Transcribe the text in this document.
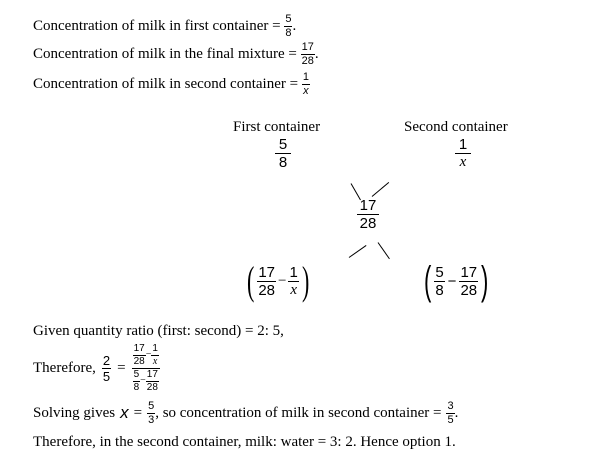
Concentration of milk in first container = $\frac{5}{8}$ .
Concentration of milk in the final mixture = $\frac{17}{28}$ .
Concentration of milk in second container = $\frac{1}{x}$
First container	Second container
5
8
1
x
17
28
( $\frac{17}{28} - \frac{1}{x}$ )	( $\frac{5}{8} - \frac{17}{28}$ )
Given quantity ratio (first: second) = 2: 5,
Therefore, $\frac{2}{5}$ =
$\frac{17}{28} - \frac{1}{x}$
$\frac{5}{8} - \frac{17}{28}$
Solving gives $x = \frac{5}{3}$ , so concentration of milk in second container = $\frac{3}{5}$ .
Therefore, in the second container, milk: water = 3: 2. Hence option 1.
